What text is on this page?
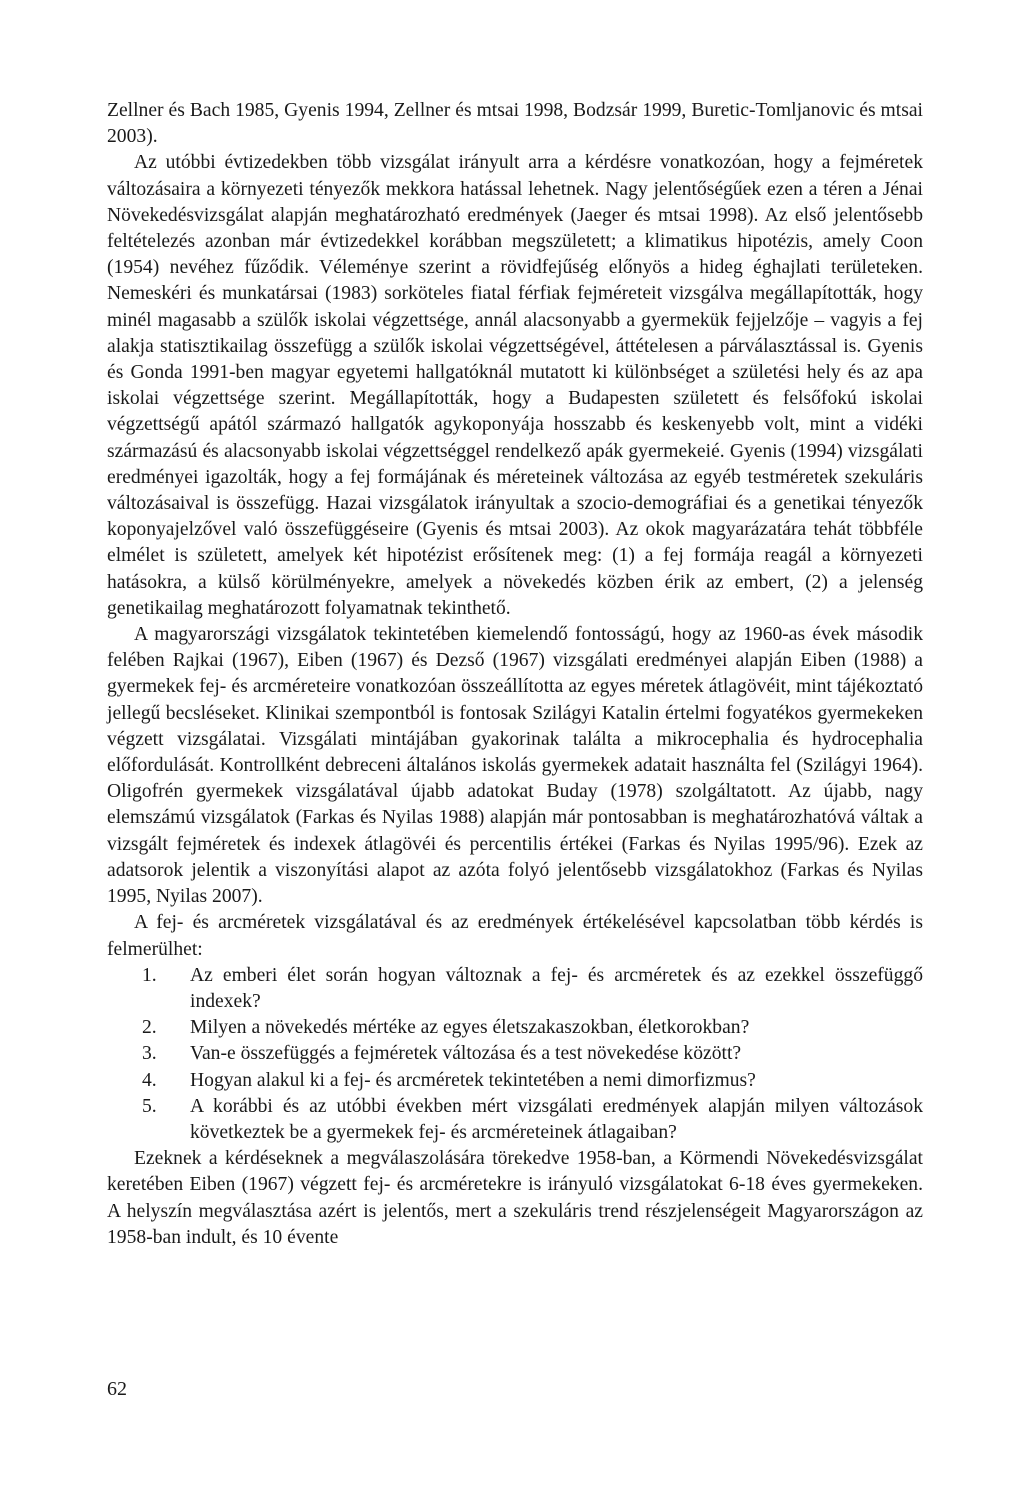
Zellner és Bach 1985, Gyenis 1994, Zellner és mtsai 1998, Bodzsár 1999, Buretic-Tomljanovic és mtsai 2003).

Az utóbbi évtizedekben több vizsgálat irányult arra a kérdésre vonatkozóan, hogy a fejméretek változásaira a környezeti tényezők mekkora hatással lehetnek. Nagy jelentőségűek ezen a téren a Jénai Növekedésvizsgálat alapján meghatározható eredmények (Jaeger és mtsai 1998). Az első jelentősebb feltételezés azonban már évtizedekkel korábban megszületett; a klimatikus hipotézis, amely Coon (1954) nevéhez fűződik. Véleménye szerint a rövidfejűség előnyös a hideg éghajlati területeken. Nemeskéri és munkatársai (1983) sorköteles fiatal férfiak fejméreteit vizsgálva megállapították, hogy minél magasabb a szülők iskolai végzettsége, annál alacsonyabb a gyermekük fejjelzője – vagyis a fej alakja statisztikailag összefügg a szülők iskolai végzettségével, áttételesen a párválasztással is. Gyenis és Gonda 1991-ben magyar egyetemi hallgatóknál mutatott ki különbséget a születési hely és az apa iskolai végzettsége szerint. Megállapították, hogy a Budapesten született és felsőfokú iskolai végzettségű apától származó hallgatók agykoponyája hosszabb és keskenyebb volt, mint a vidéki származású és alacsonyabb iskolai végzettséggel rendelkező apák gyermekeié. Gyenis (1994) vizsgálati eredményei igazolták, hogy a fej formájának és méreteinek változása az egyéb testméretek szekuláris változásaival is összefügg. Hazai vizsgálatok irányultak a szocio-demográfiai és a genetikai tényezők koponyajelzővel való összefüggéseire (Gyenis és mtsai 2003). Az okok magyarázatára tehát többféle elmélet is született, amelyek két hipotézist erősítenek meg: (1) a fej formája reagál a környezeti hatásokra, a külső körülményekre, amelyek a növekedés közben érik az embert, (2) a jelenség genetikailag meghatározott folyamatnak tekinthető.

A magyarországi vizsgálatok tekintetében kiemelendő fontosságú, hogy az 1960-as évek második felében Rajkai (1967), Eiben (1967) és Dezső (1967) vizsgálati eredményei alapján Eiben (1988) a gyermekek fej- és arcméreteire vonatkozóan összeállította az egyes méretek átlagövéit, mint tájékoztató jellegű becsléseket. Klinikai szempontból is fontosak Szilágyi Katalin értelmi fogyatékos gyermekeken végzett vizsgálatai. Vizsgálati mintájában gyakorinak találta a mikrocephalia és hydrocephalia előfordulását. Kontrollként debreceni általános iskolás gyermekek adatait használta fel (Szilágyi 1964). Oligofrén gyermekek vizsgálatával újabb adatokat Buday (1978) szolgáltatott. Az újabb, nagy elemszámú vizsgálatok (Farkas és Nyilas 1988) alapján már pontosabban is meghatározhatóvá váltak a vizsgált fejméretek és indexek átlagövéi és percentilis értékei (Farkas és Nyilas 1995/96). Ezek az adatsorok jelentik a viszonyítási alapot az azóta folyó jelentősebb vizsgálatokhoz (Farkas és Nyilas 1995, Nyilas 2007).

A fej- és arcméretek vizsgálatával és az eredmények értékelésével kapcsolatban több kérdés is felmerülhet:

1.	Az emberi élet során hogyan változnak a fej- és arcméretek és az ezekkel összefüggő indexek?
2.	Milyen a növekedés mértéke az egyes életszakaszokban, életkorokban?
3.	Van-e összefüggés a fejméretek változása és a test növekedése között?
4.	Hogyan alakul ki a fej- és arcméretek tekintetében a nemi dimorfizmus?
5.	A korábbi és az utóbbi években mért vizsgálati eredmények alapján milyen változások következtek be a gyermekek fej- és arcméreteinek átlagaiban?

Ezeknek a kérdéseknek a megválaszolására törekedve 1958-ban, a Körmendi Növekedésvizsgálat keretében Eiben (1967) végzett fej- és arcméretekre is irányuló vizsgálatokat 6-18 éves gyermekeken. A helyszín megválasztása azért is jelentős, mert a szekuláris trend részjelenségeit Magyarországon az 1958-ban indult, és 10 évente

62
